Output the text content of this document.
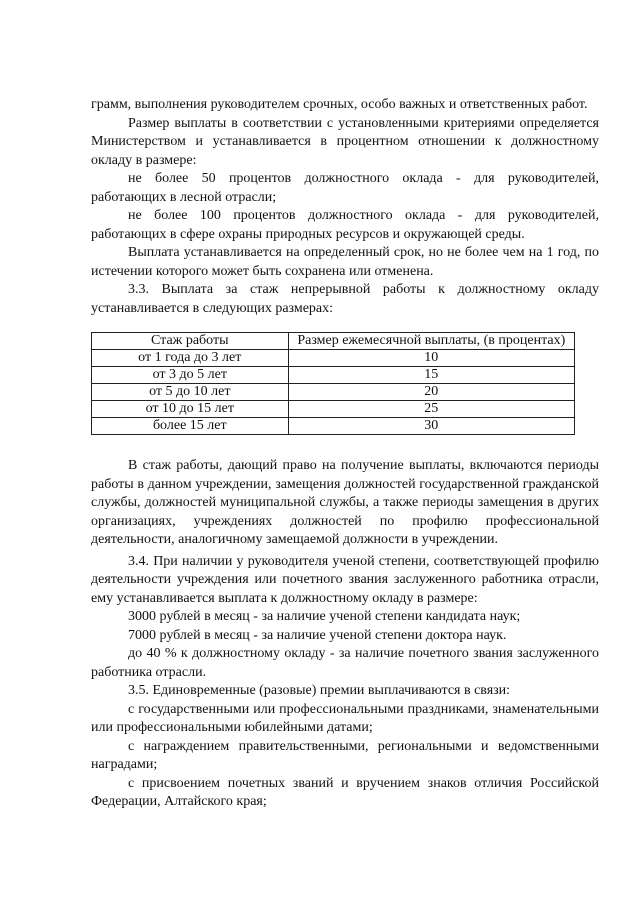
грамм, выполнения руководителем срочных, особо важных и ответственных работ.

Размер выплаты в соответствии с установленными критериями определяется Министерством и устанавливается в процентном отношении к должностному окладу в размере:

не более 50 процентов должностного оклада - для руководителей, работающих в лесной отрасли;

не более 100 процентов должностного оклада - для руководителей, работающих в сфере охраны природных ресурсов и окружающей среды.

Выплата устанавливается на определенный срок, но не более чем на 1 год, по истечении которого может быть сохранена или отменена.

3.3. Выплата за стаж непрерывной работы к должностному окладу устанавливается в следующих размерах:

Стаж работы	Размер ежемесячной выплаты, (в процентах)
от 1 года до 3 лет	10
от 3 до 5 лет	15
от 5 до 10 лет	20
от 10 до 15 лет	25
более 15 лет	30

В стаж работы, дающий право на получение выплаты, включаются периоды работы в данном учреждении, замещения должностей государственной гражданской службы, должностей муниципальной службы, а также периоды замещения в других организациях, учреждениях должностей по профилю профессиональной деятельности, аналогичному замещаемой должности в учреждении.

3.4. При наличии у руководителя ученой степени, соответствующей профилю деятельности учреждения или почетного звания заслуженного работника отрасли, ему устанавливается выплата к должностному окладу в размере:

3000 рублей в месяц - за наличие ученой степени кандидата наук;

7000 рублей в месяц - за наличие ученой степени доктора наук.

до 40 % к должностному окладу - за наличие почетного звания заслуженного работника отрасли.

3.5. Единовременные (разовые) премии выплачиваются в связи:

с государственными или профессиональными праздниками, знаменательными или профессиональными юбилейными датами;

с награждением правительственными, региональными и ведомственными наградами;

с присвоением почетных званий и вручением знаков отличия Российской Федерации, Алтайского края;
